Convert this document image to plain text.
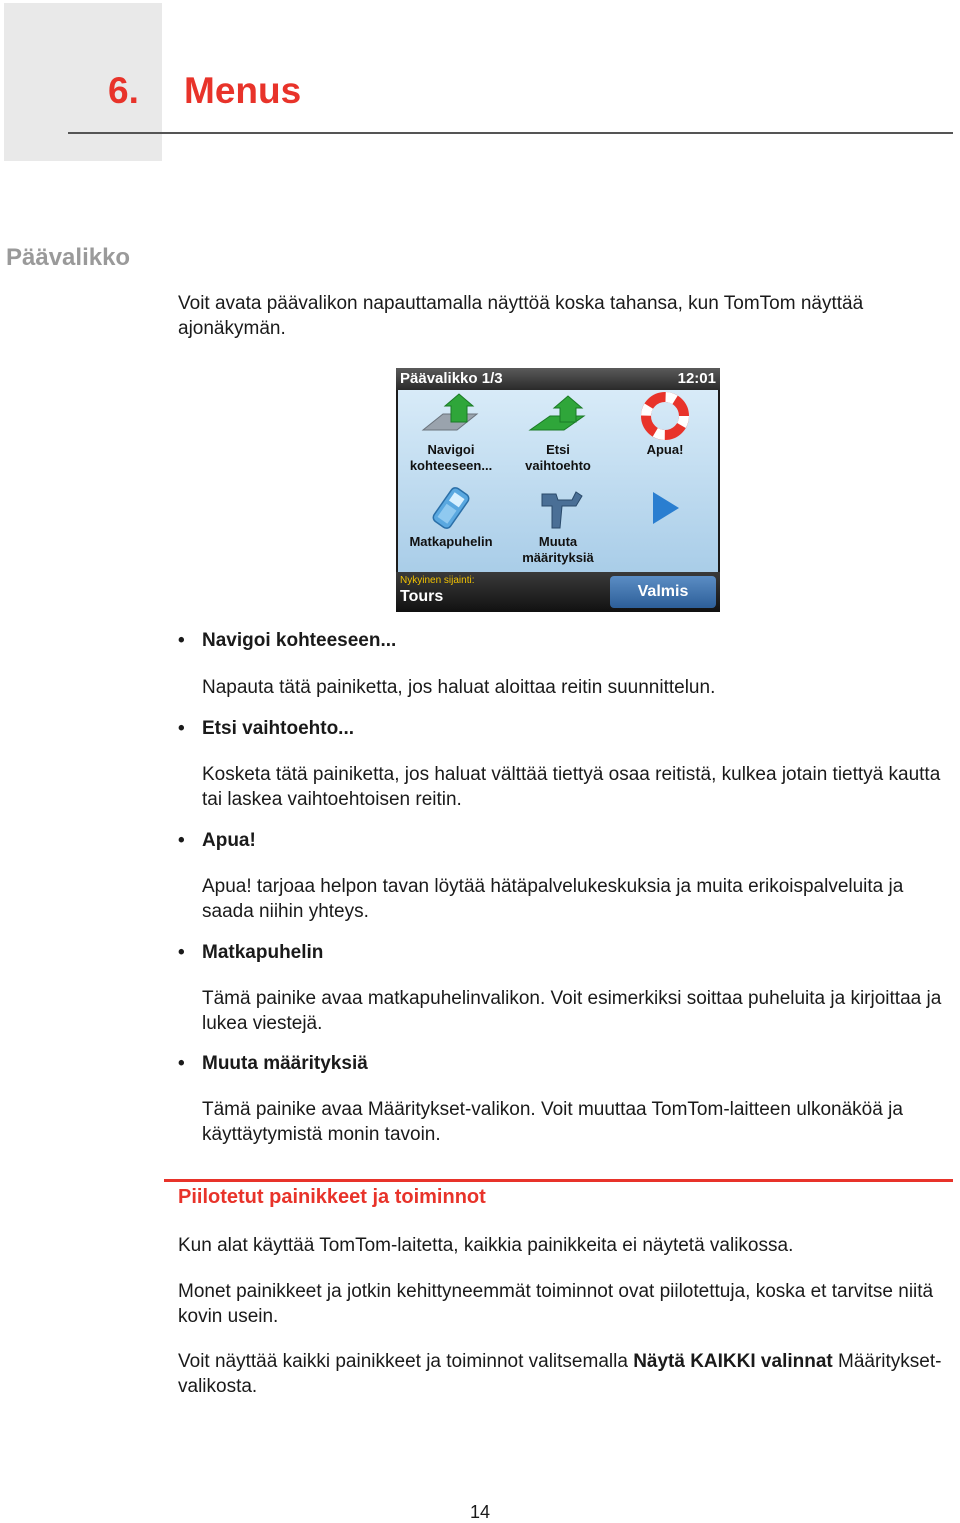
6. Menus
Päävalikko
Voit avata päävalikon napauttamalla näyttöä koska tahansa, kun TomTom näyttää ajonäkymän.
Päävalikko 1/3	12:01
Navigoi
kohteeseen...
Etsi
vaihtoehto
Apua!
Matkapuhelin	Muuta
määrityksiä
Nykyinen sijainti:
Tours	Valmis
• Navigoi kohteeseen...
Napauta tätä painiketta, jos haluat aloittaa reitin suunnittelun.
• Etsi vaihtoehto...
Kosketa tätä painiketta, jos haluat välttää tiettyä osaa reitistä, kulkea jotain tiettyä kautta tai laskea vaihtoehtoisen reitin.
• Apua!
Apua! tarjoaa helpon tavan löytää hätäpalvelukeskuksia ja muita erikoispalveluita ja saada niihin yhteys.
• Matkapuhelin
Tämä painike avaa matkapuhelinvalikon. Voit esimerkiksi soittaa puheluita ja kirjoittaa ja lukea viestejä.
• Muuta määrityksiä
Tämä painike avaa Määritykset-valikon. Voit muuttaa TomTom-laitteen ulkonäköä ja käyttäytymistä monin tavoin.
Piilotetut painikkeet ja toiminnot
Kun alat käyttää TomTom-laitetta, kaikkia painikkeita ei näytetä valikossa.
Monet painikkeet ja jotkin kehittyneemmät toiminnot ovat piilotettuja, koska et tarvitse niitä kovin usein.
Voit näyttää kaikki painikkeet ja toiminnot valitsemalla Näytä KAIKKI valinnat Määritykset-valikosta.
14
